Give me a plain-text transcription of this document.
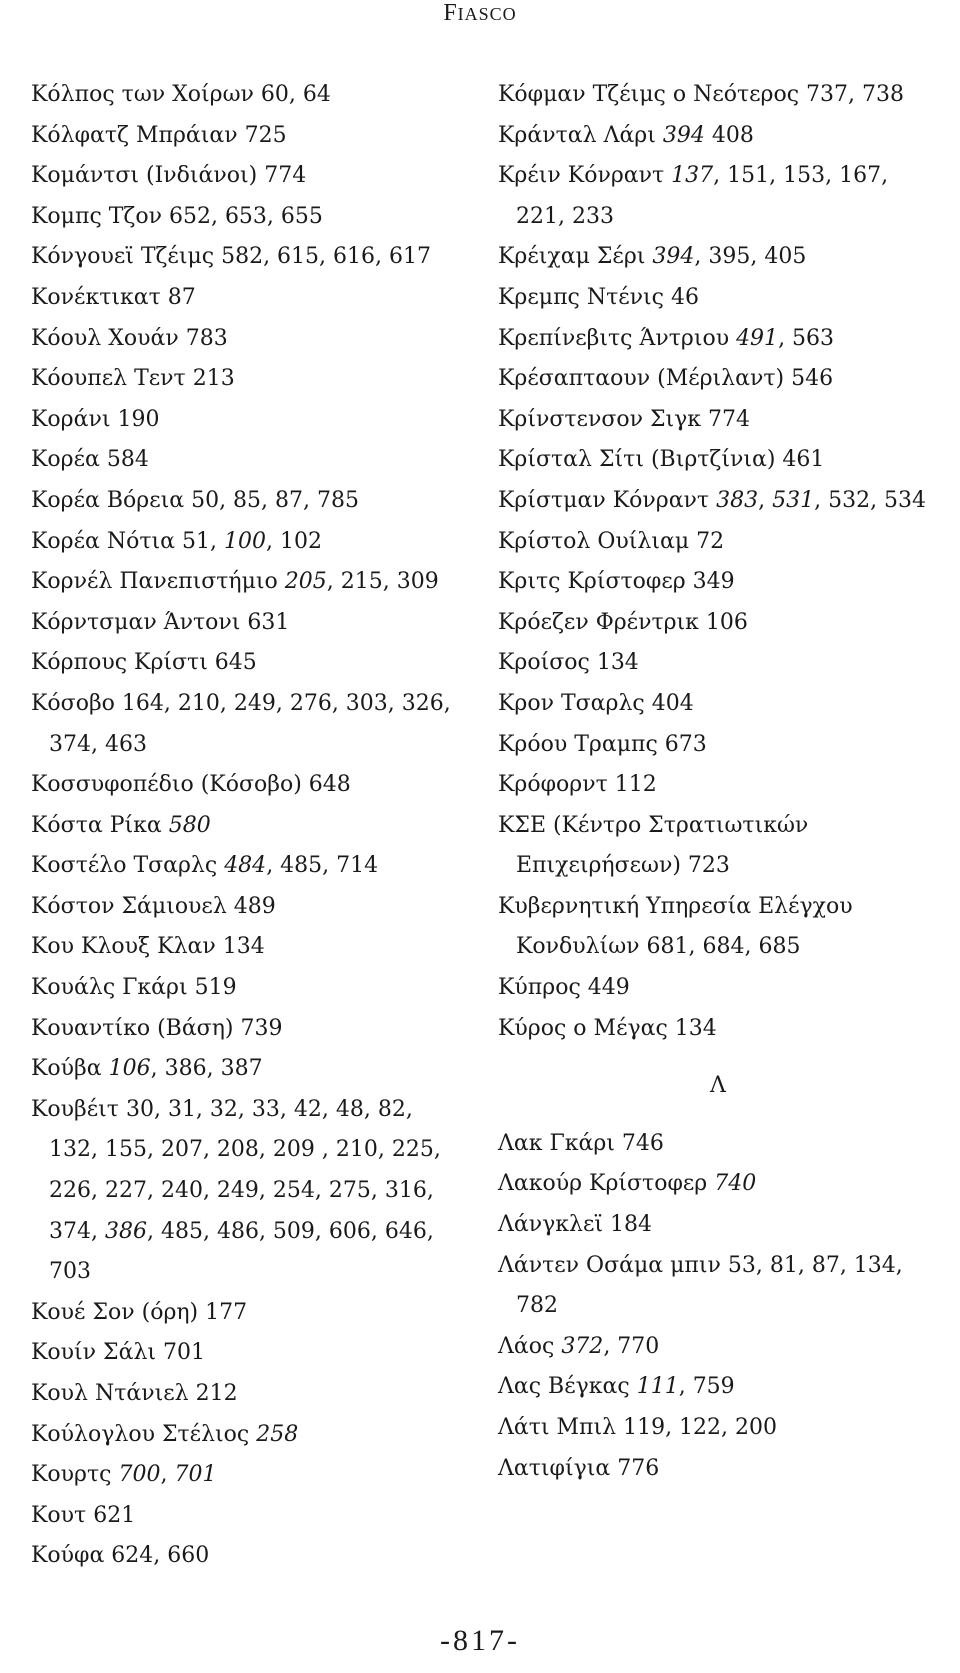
FIASCO
Κόλπος των Χοίρων 60, 64
Κόλφατζ Μπράιαν 725
Κομάντσι (Ινδιάνοι) 774
Κομπς Τζον 652, 653, 655
Κόνγουεϊ Τζέιμς 582, 615, 616, 617
Κονέκτικατ 87
Κόουλ Χουάν 783
Κόουπελ Τεντ 213
Κοράνι 190
Κορέα 584
Κορέα Βόρεια 50, 85, 87, 785
Κορέα Νότια 51, 100, 102
Κορνέλ Πανεπιστήμιο 205, 215, 309
Κόρντσμαν Άντονι 631
Κόρπους Κρίστι 645
Κόσοβο 164, 210, 249, 276, 303, 326, 374, 463
Κοσσυφοπέδιο (Κόσοβο) 648
Κόστα Ρίκα 580
Κοστέλο Τσαρλς 484, 485, 714
Κόστον Σάμιουελ 489
Κου Κλουξ Κλαν 134
Κουάλς Γκάρι 519
Κουαντίκο (Βάση) 739
Κούβα 106, 386, 387
Κουβέιτ 30, 31, 32, 33, 42, 48, 82, 132, 155, 207, 208, 209 , 210, 225, 226, 227, 240, 249, 254, 275, 316, 374, 386, 485, 486, 509, 606, 646, 703
Κουέ Σον (όρη) 177
Κουίν Σάλι 701
Κουλ Ντάνιελ 212
Κούλογλου Στέλιος 258
Κουρτς 700, 701
Κουτ 621
Κούφα 624, 660
Κόφμαν Τζέιμς ο Νεότερος 737, 738
Κράνταλ Λάρι 394 408
Κρέιν Κόνραντ 137, 151, 153, 167, 221, 233
Κρέιχαμ Σέρι 394, 395, 405
Κρεμπς Ντένις 46
Κρεπίνεβιτς Άντριου 491, 563
Κρέσαπταουν (Μέριλαντ) 546
Κρίνστενσον Σιγκ 774
Κρίσταλ Σίτι (Βιρτζίνια) 461
Κρίστμαν Κόνραντ 383, 531, 532, 534
Κρίστολ Ουίλιαμ 72
Κριτς Κρίστοφερ 349
Κρόεζεν Φρέντρικ 106
Κροίσος 134
Κρον Τσαρλς 404
Κρόου Τραμπς 673
Κρόφορντ 112
ΚΣΕ (Κέντρο Στρατιωτικών Επιχειρήσεων) 723
Κυβερνητική Υπηρεσία Ελέγχου Κονδυλίων 681, 684, 685
Κύπρος 449
Κύρος ο Μέγας 134
Λ
Λακ Γκάρι 746
Λακούρ Κρίστοφερ 740
Λάνγκλεϊ 184
Λάντεν Οσάμα μπιν 53, 81, 87, 134, 782
Λάος 372, 770
Λας Βέγκας 111, 759
Λάτι Μπιλ 119, 122, 200
Λατιφίγια 776
-817-
